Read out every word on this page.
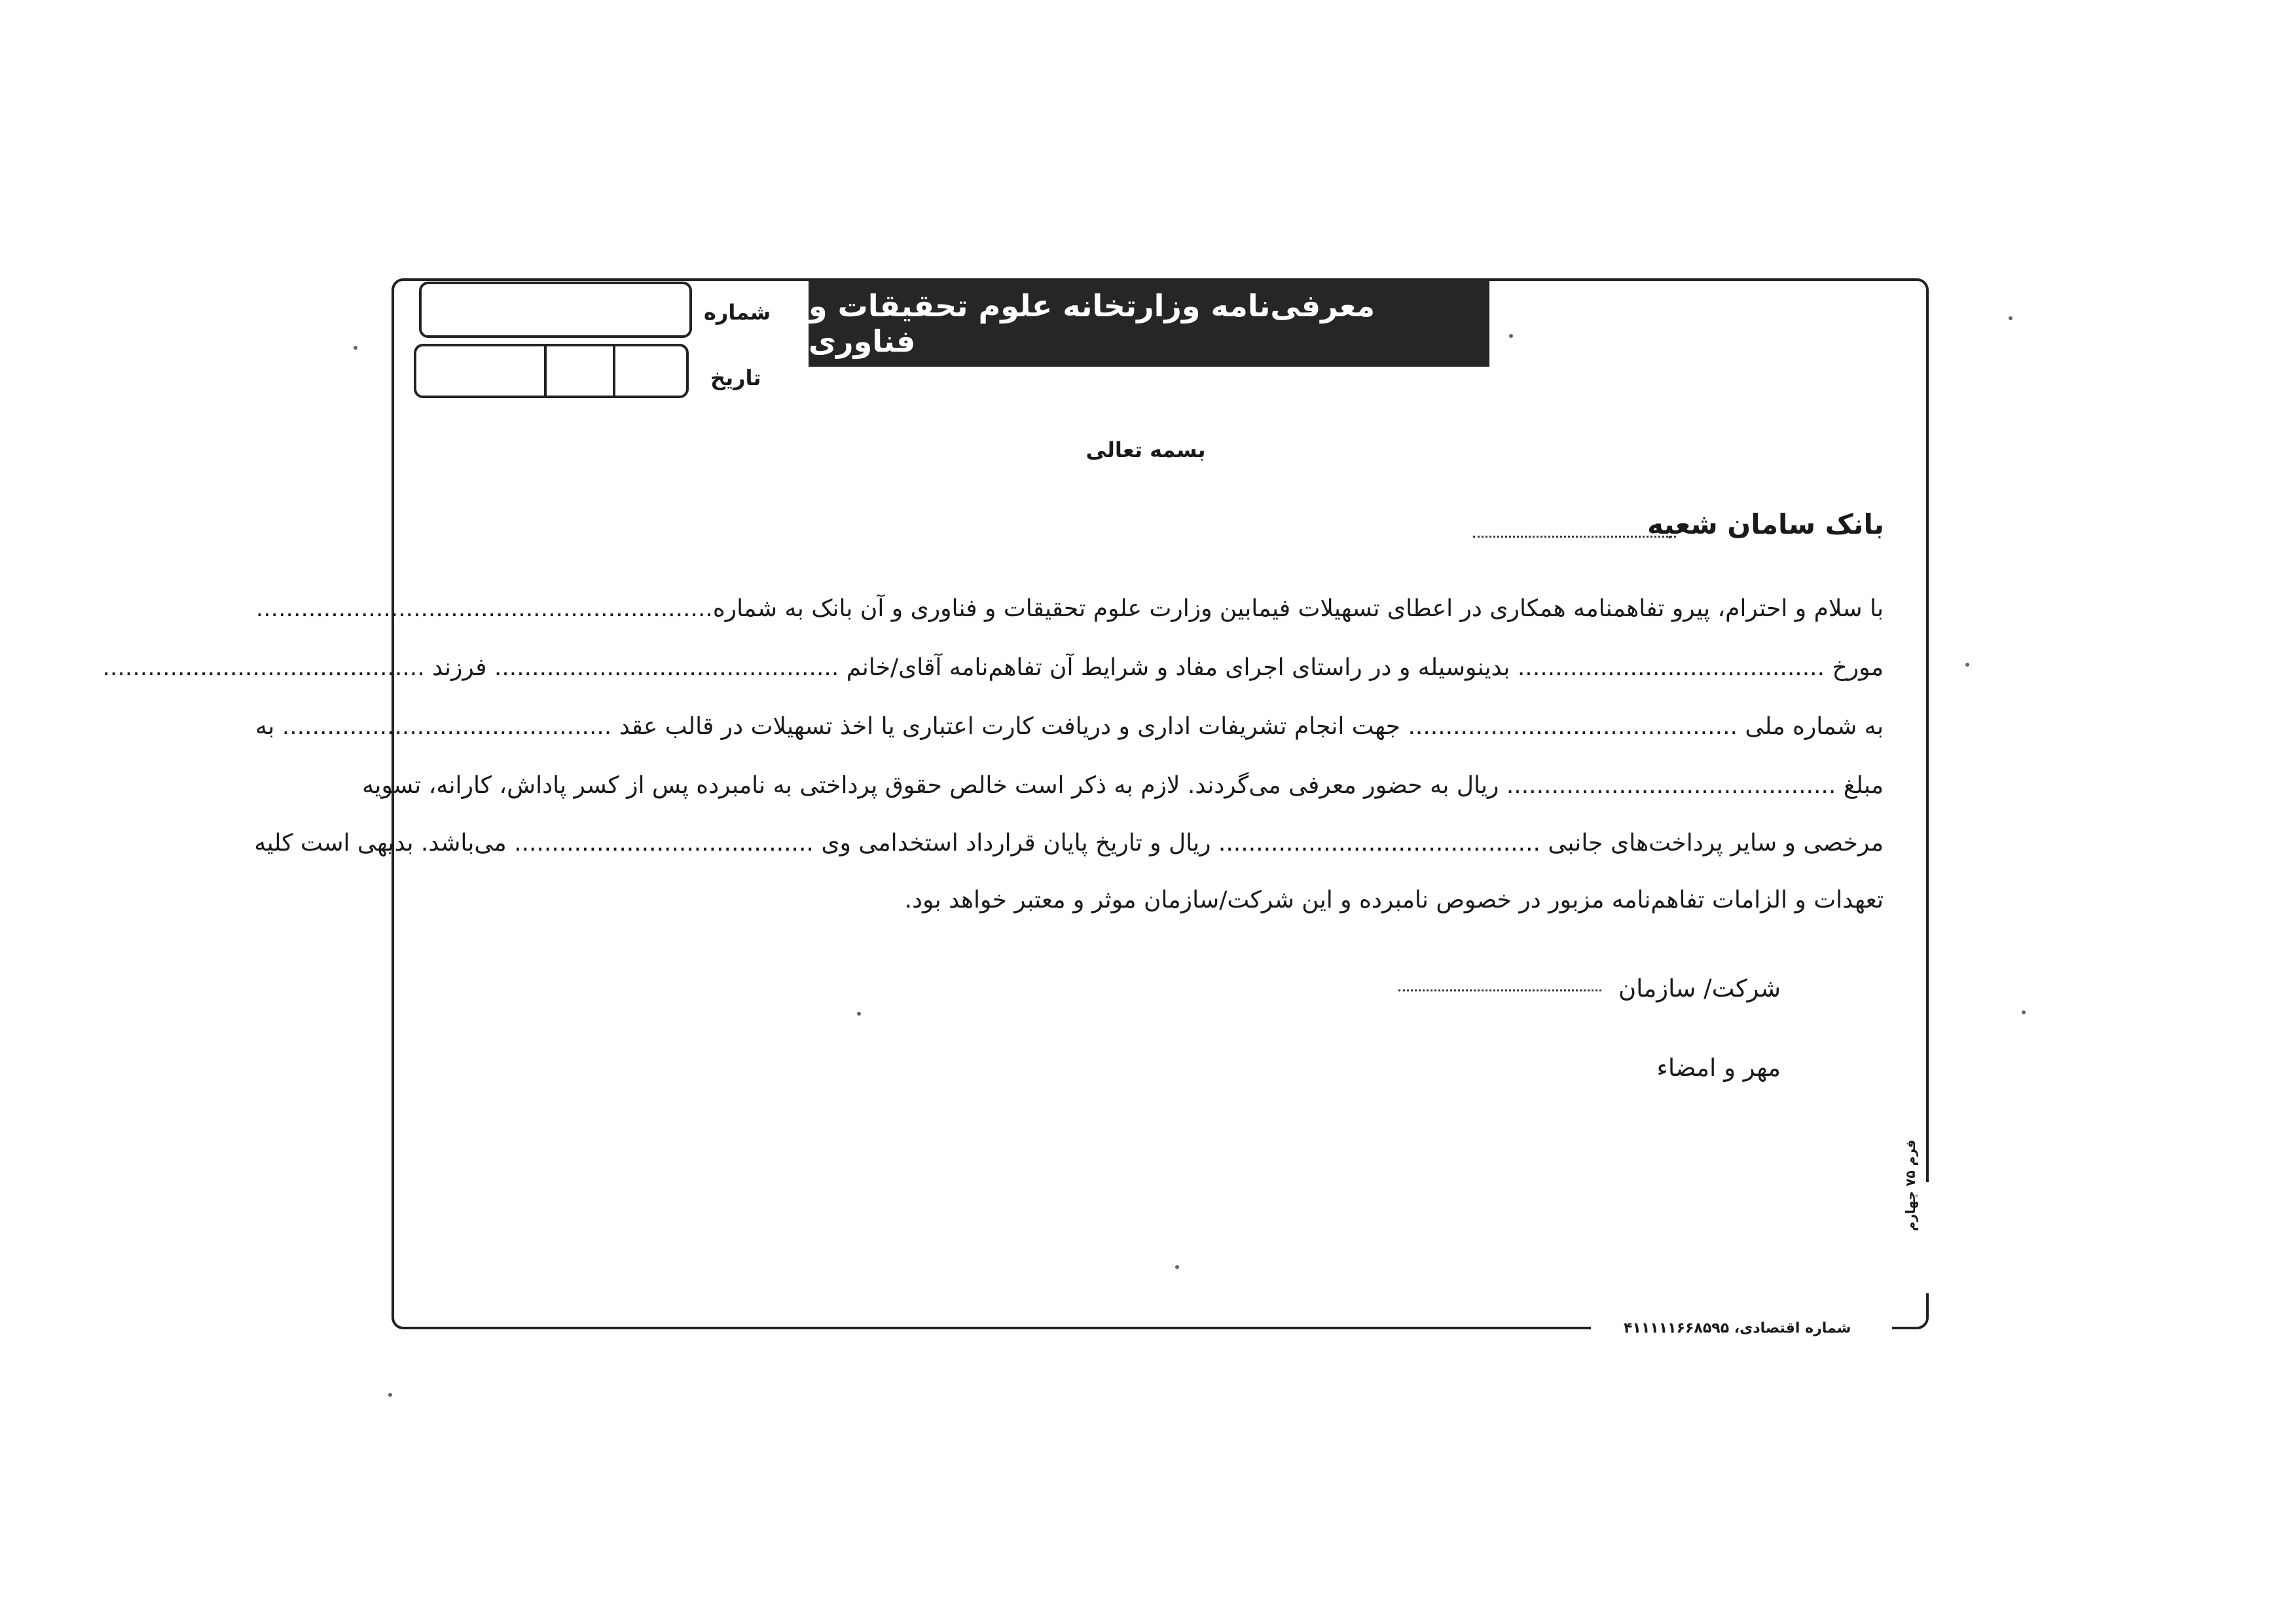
معرفی‌نامه وزارتخانه علوم تحقیقات و فناوری
شماره
تاریخ
بسمه تعالی
بانک سامان شعبه
با سلام و احترام، پیرو تفاهمنامه همکاری در اعطای تسهیلات فیمابین وزارت علوم تحقیقات و فناوری و آن بانک به شماره‌.............................................................
مورخ ......................................... بدینوسیله و در راستای اجرای مفاد و شرایط آن تفاهم‌نامه آقای/خانم .............................................. فرزند ...........................................
به شماره ملی ............................................ جهت انجام تشریفات اداری و دریافت کارت اعتباری یا اخذ تسهیلات در قالب عقد ............................................ به
مبلغ ............................................ ریال به حضور معرفی می‌گردند. لازم به ذکر است خالص حقوق پرداختی به نامبرده پس از کسر پاداش، کارانه، تسویه
مرخصی و سایر پرداخت‌های جانبی ........................................... ریال و تاریخ پایان قرارداد استخدامی وی ........................................ می‌باشد. بدیهی است کلیه
تعهدات و الزامات تفاهم‌نامه مزبور در خصوص نامبرده و این شرکت/سازمان موثر و معتبر خواهد بود.
شرکت/ سازمان
مهر و امضاء
شماره اقتصادی، ۴۱۱۱۱۱۶۶۸۵۹۵
فرم ۷۵ چهارم
